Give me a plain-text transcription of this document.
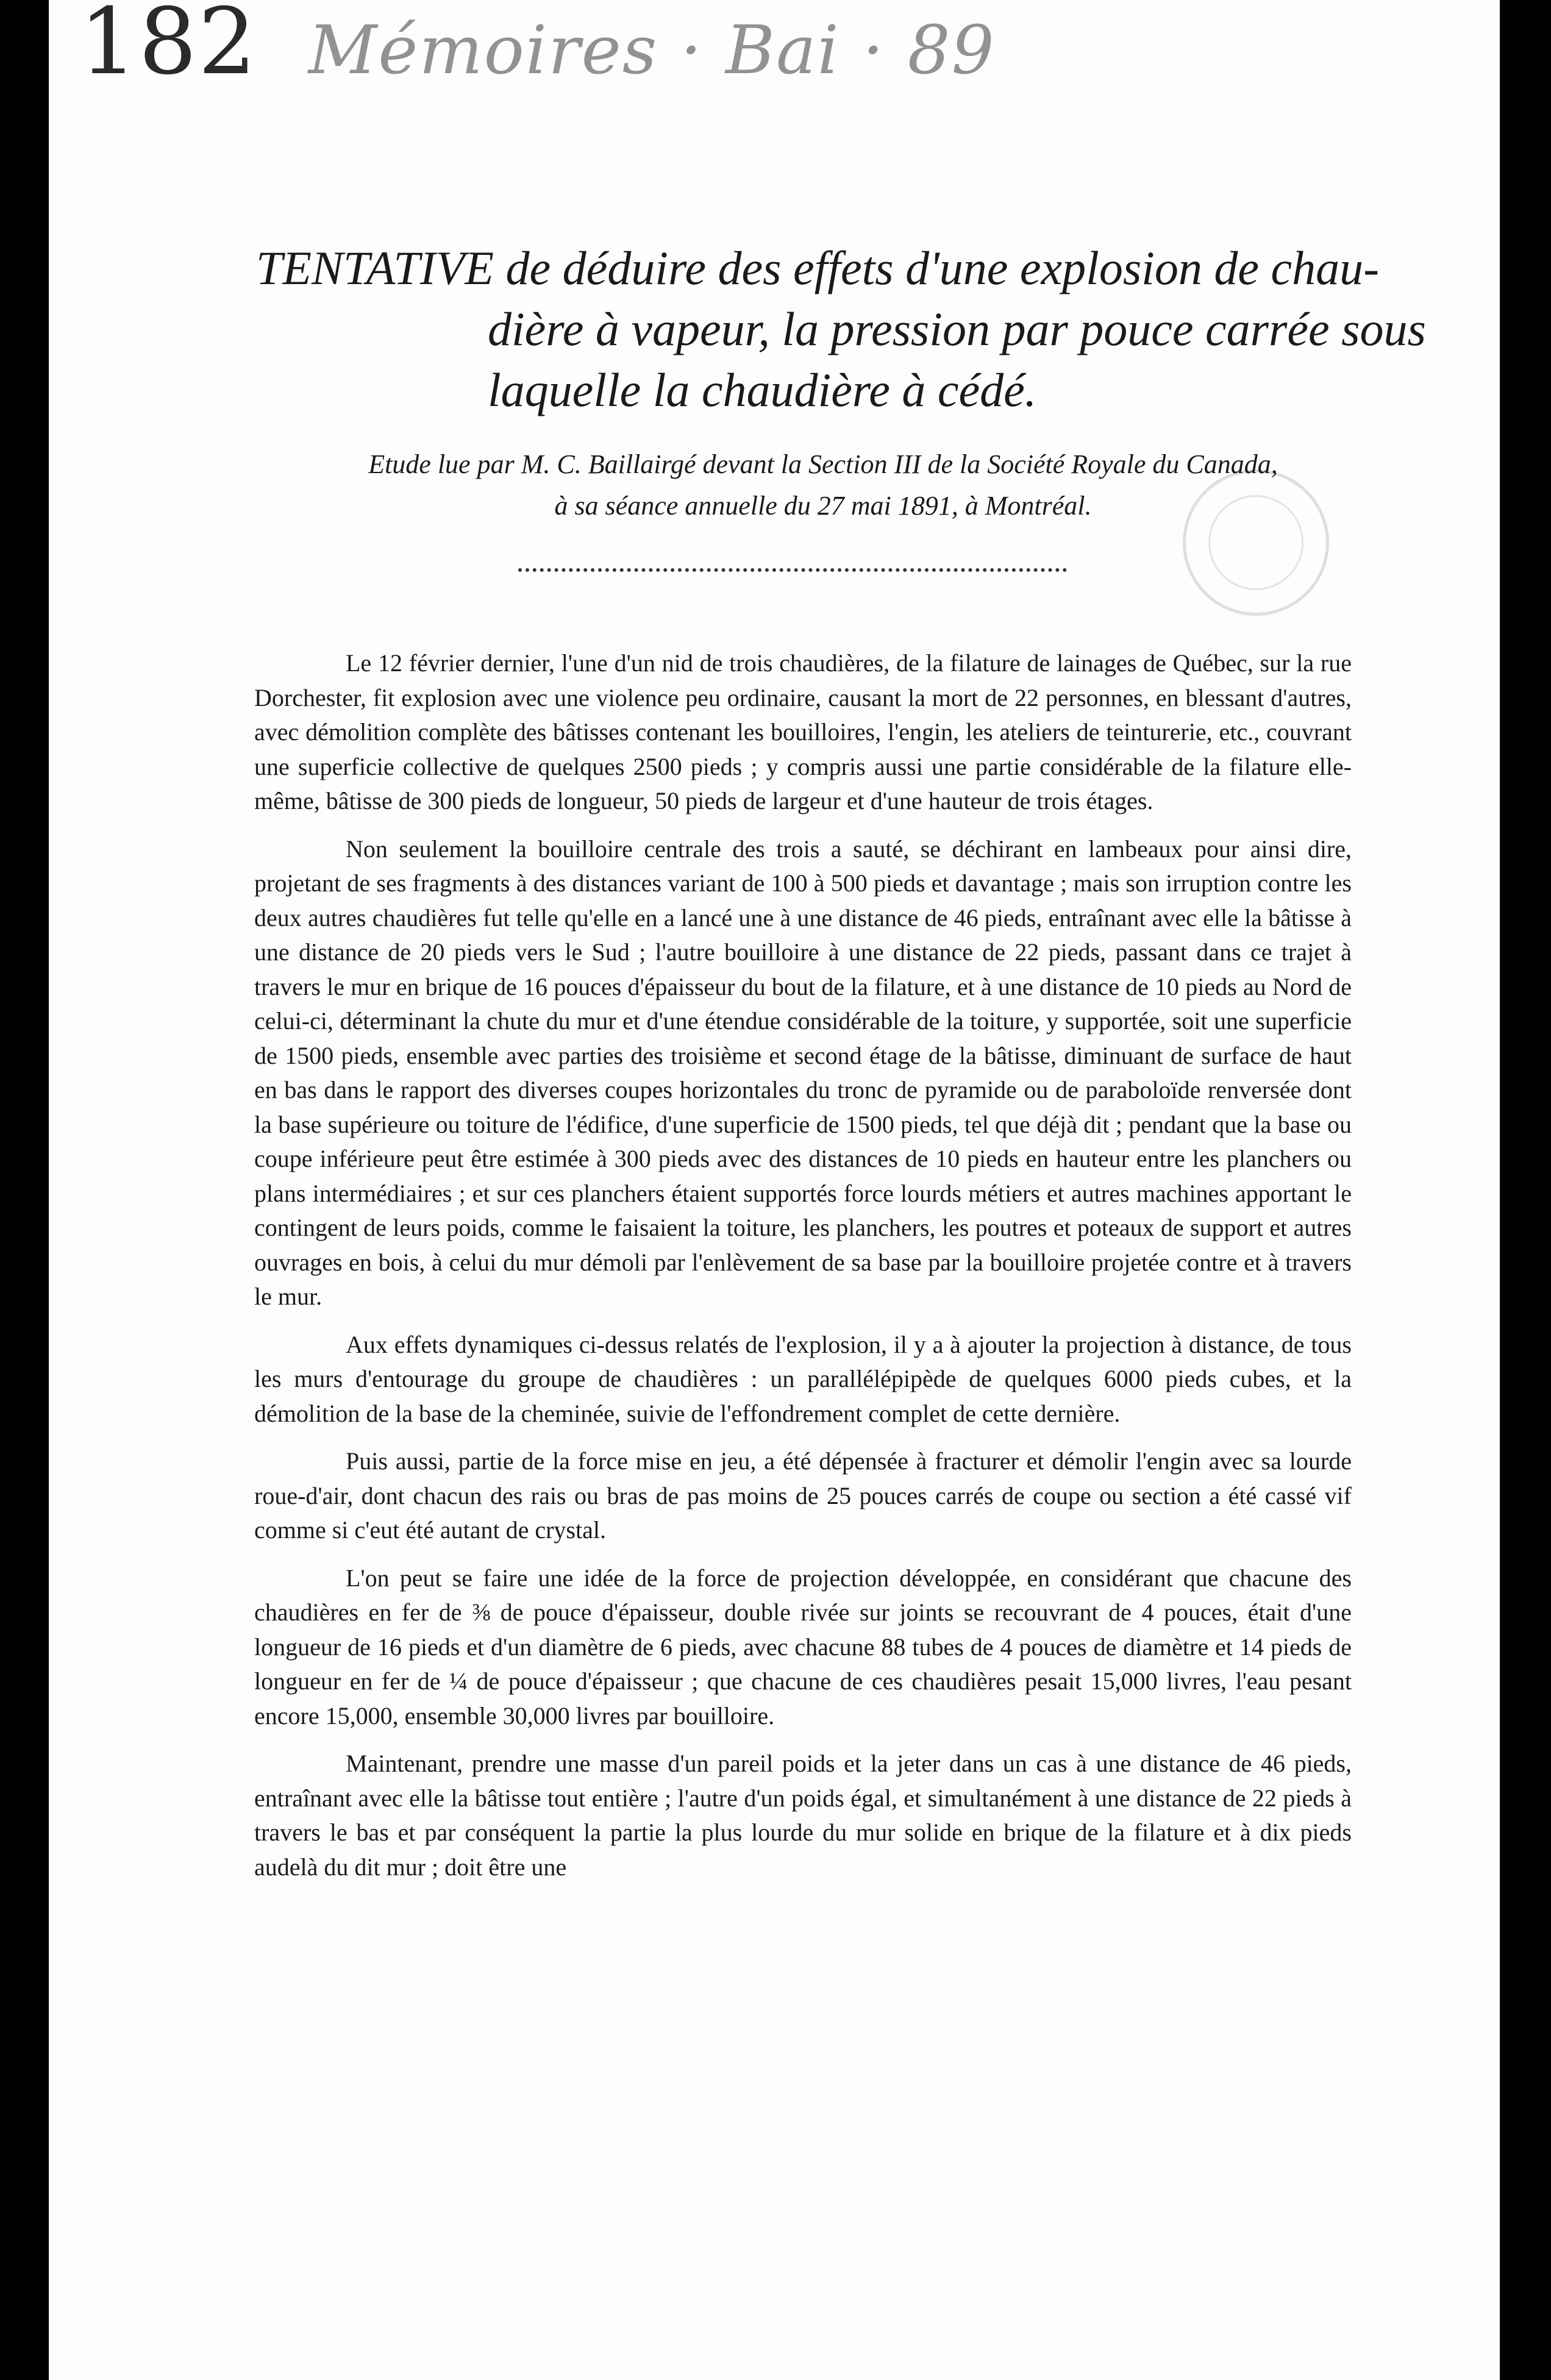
182 Mémoires · Bai · 89
TENTATIVE de déduire des effets d'une explosion de chau-
dière à vapeur, la pression par pouce carrée sous
laquelle la chaudière à cédé.
Etude lue par M. C. Baillairgé devant la Section III de la Société Royale du Canada,
à sa séance annuelle du 27 mai 1891, à Montréal.

Le 12 février dernier, l'une d'un nid de trois chaudières, de la filature de lainages de Québec, sur la rue Dorchester, fit explosion avec une violence peu ordinaire, causant la mort de 22 personnes, en blessant d'autres, avec démolition complète des bâtisses contenant les bouilloires, l'engin, les ateliers de teinturerie, etc., couvrant une superficie collective de quelques 2500 pieds ; y compris aussi une partie considérable de la filature elle-même, bâtisse de 300 pieds de longueur, 50 pieds de largeur et d'une hauteur de trois étages.

Non seulement la bouilloire centrale des trois a sauté, se déchirant en lambeaux pour ainsi dire, projetant de ses fragments à des distances variant de 100 à 500 pieds et davantage ; mais son irruption contre les deux autres chaudières fut telle qu'elle en a lancé une à une distance de 46 pieds, entraînant avec elle la bâtisse à une distance de 20 pieds vers le Sud ; l'autre bouilloire à une distance de 22 pieds, passant dans ce trajet à travers le mur en brique de 16 pouces d'épaisseur du bout de la filature, et à une distance de 10 pieds au Nord de celui-ci, déterminant la chute du mur et d'une étendue considérable de la toiture, y supportée, soit une superficie de 1500 pieds, ensemble avec parties des troisième et second étage de la bâtisse, diminuant de surface de haut en bas dans le rapport des diverses coupes horizontales du tronc de pyramide ou de paraboloïde renversée dont la base supérieure ou toiture de l'édifice, d'une superficie de 1500 pieds, tel que déjà dit ; pendant que la base ou coupe inférieure peut être estimée à 300 pieds avec des distances de 10 pieds en hauteur entre les planchers ou plans intermédiaires ; et sur ces planchers étaient supportés force lourds métiers et autres machines apportant le contingent de leurs poids, comme le faisaient la toiture, les planchers, les poutres et poteaux de support et autres ouvrages en bois, à celui du mur démoli par l'enlèvement de sa base par la bouilloire projetée contre et à travers le mur.

Aux effets dynamiques ci-dessus relatés de l'explosion, il y a à ajouter la projection à distance, de tous les murs d'entourage du groupe de chaudières : un parallélépipède de quelques 6000 pieds cubes, et la démolition de la base de la cheminée, suivie de l'effondrement complet de cette dernière.

Puis aussi, partie de la force mise en jeu, a été dépensée à fracturer et démolir l'engin avec sa lourde roue-d'air, dont chacun des rais ou bras de pas moins de 25 pouces carrés de coupe ou section a été cassé vif comme si c'eut été autant de crystal.

L'on peut se faire une idée de la force de projection développée, en considérant que chacune des chaudières en fer de ⅜ de pouce d'épaisseur, double rivée sur joints se recouvrant de 4 pouces, était d'une longueur de 16 pieds et d'un diamètre de 6 pieds, avec chacune 88 tubes de 4 pouces de diamètre et 14 pieds de longueur en fer de ¼ de pouce d'épaisseur ; que chacune de ces chaudières pesait 15,000 livres, l'eau pesant encore 15,000, ensemble 30,000 livres par bouilloire.

Maintenant, prendre une masse d'un pareil poids et la jeter dans un cas à une distance de 46 pieds, entraînant avec elle la bâtisse tout entière ; l'autre d'un poids égal, et simultanément à une distance de 22 pieds à travers le bas et par conséquent la partie la plus lourde du mur solide en brique de la filature et à dix pieds audelà du dit mur ; doit être une
